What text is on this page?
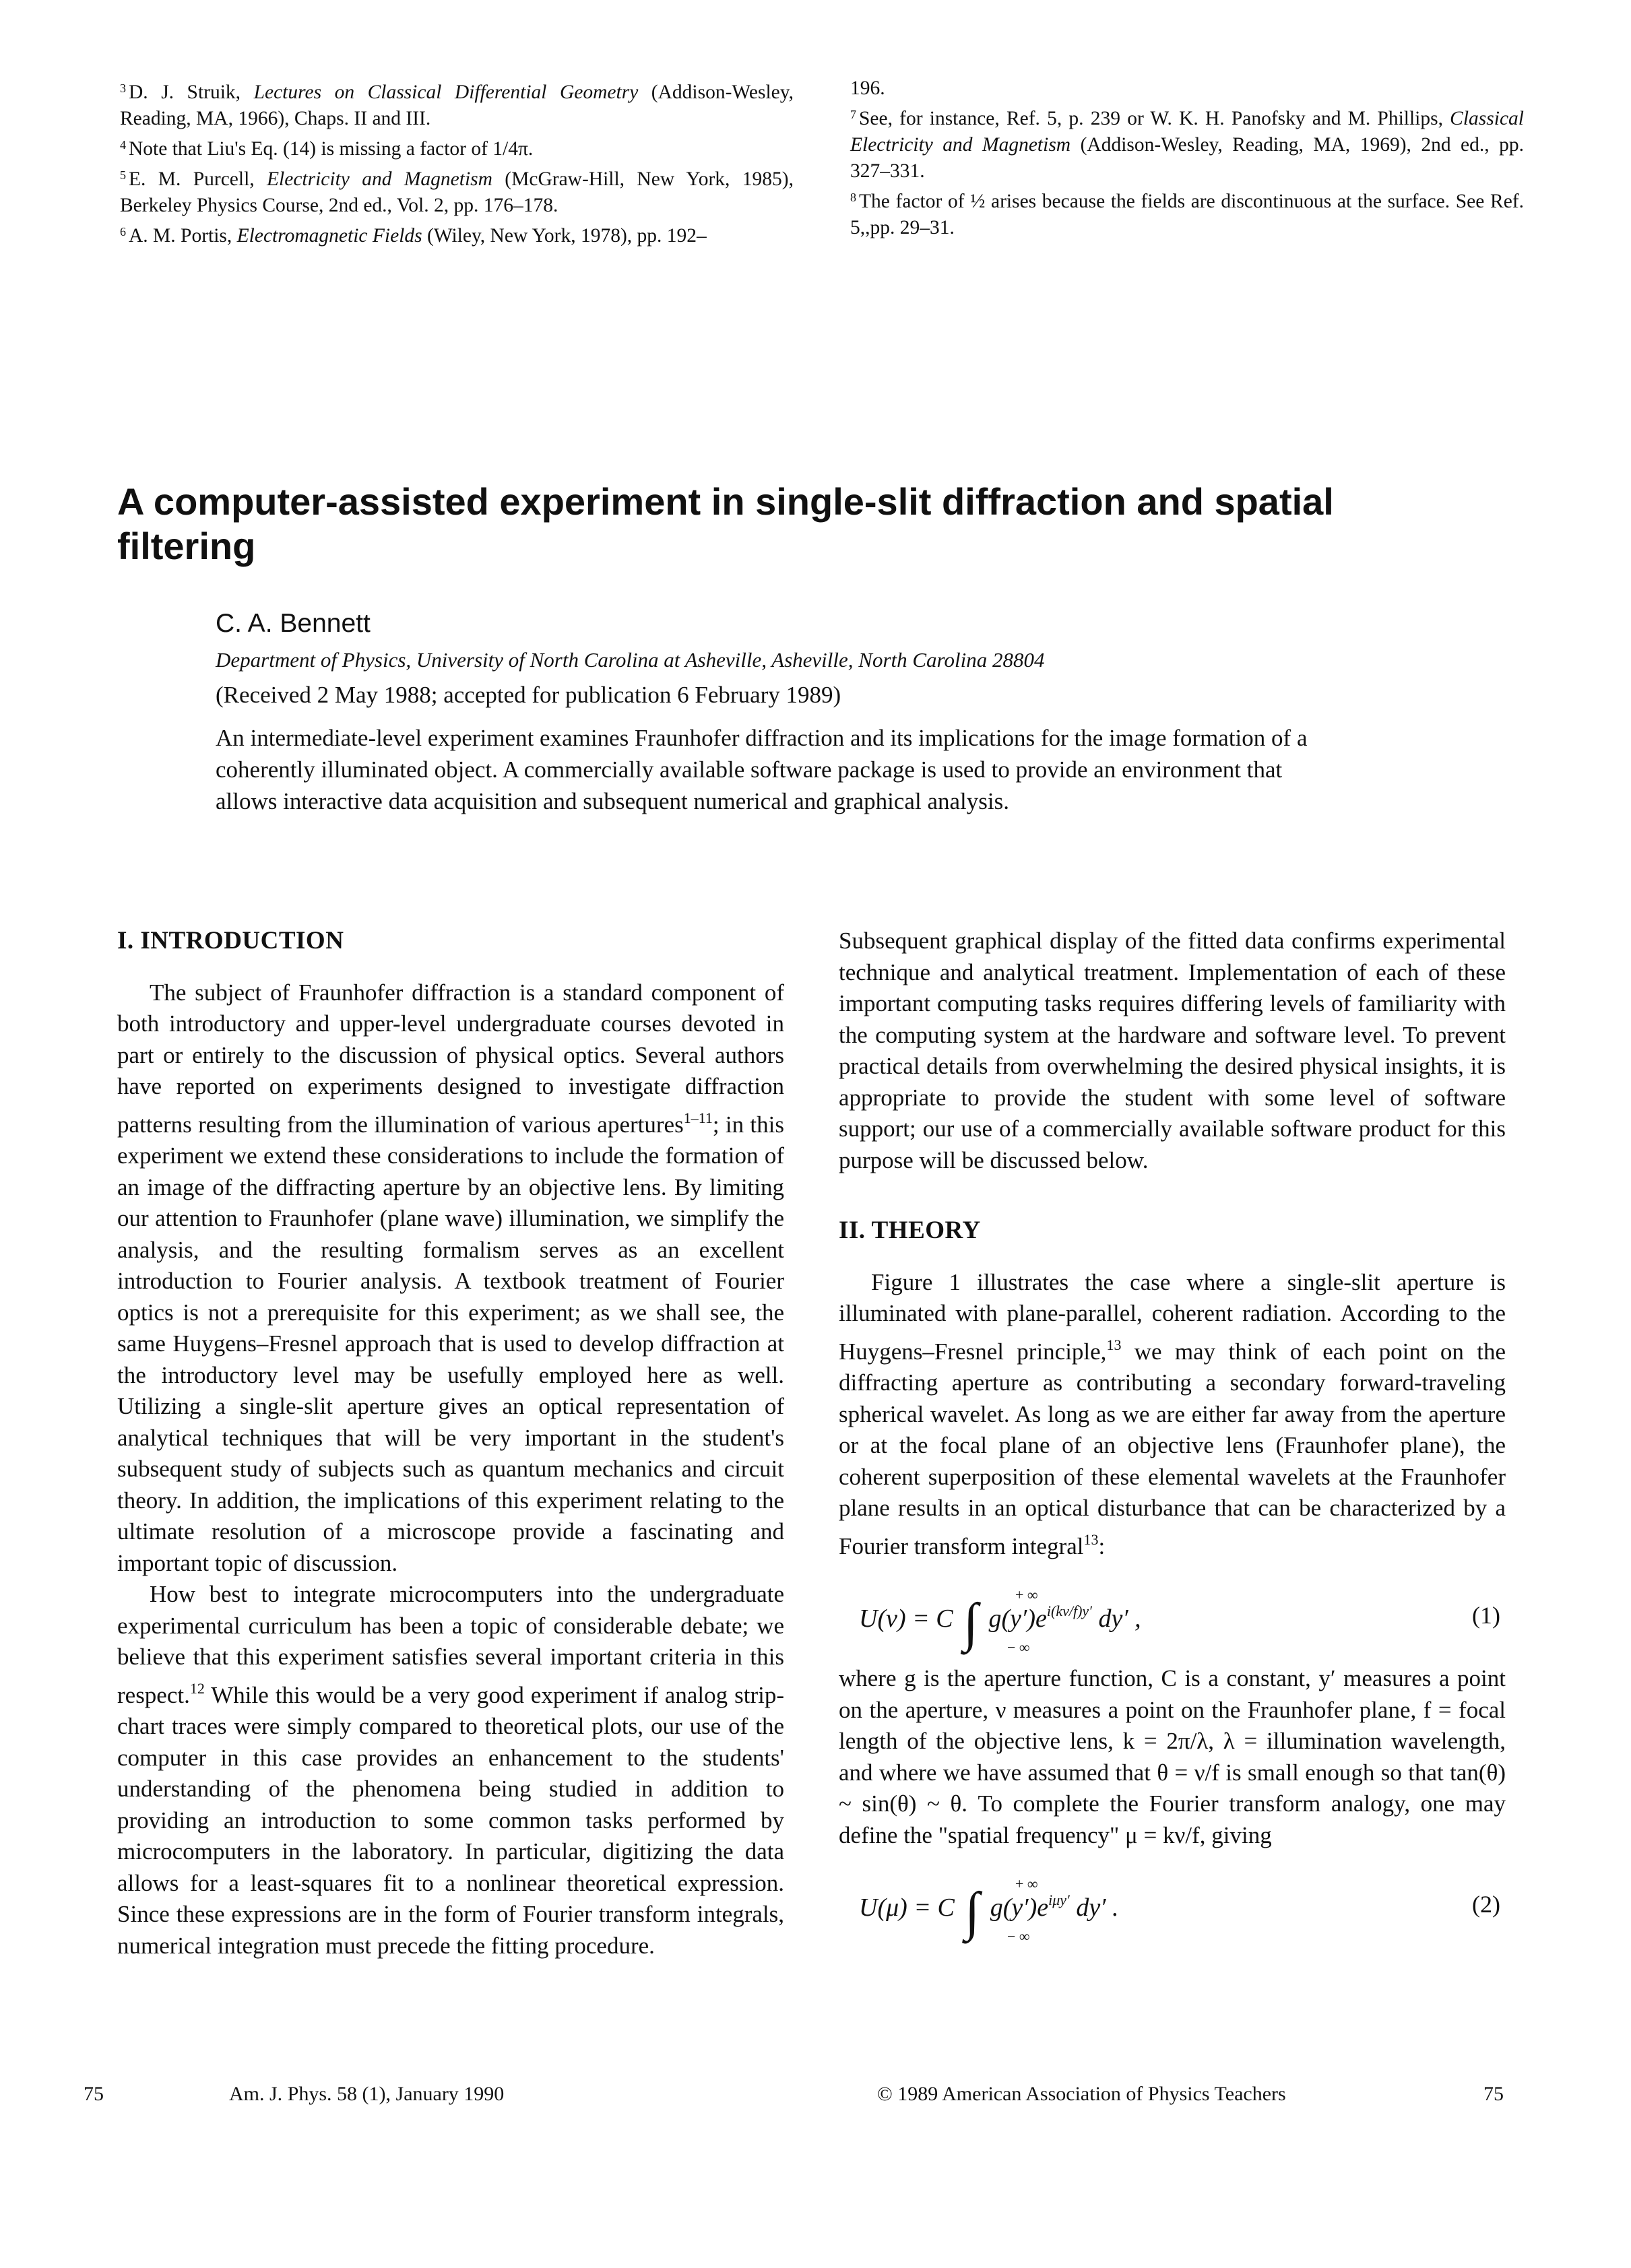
$^3$ D. J. Struik, Lectures on Classical Differential Geometry (Addison-Wesley, Reading, MA, 1966), Chaps. II and III.

$^4$ Note that Liu's Eq. (14) is missing a factor of 1/4π.

$^5$ E. M. Purcell, Electricity and Magnetism (McGraw-Hill, New York, 1985), Berkeley Physics Course, 2nd ed., Vol. 2, pp. 176–178.

$^6$ A. M. Portis, Electromagnetic Fields (Wiley, New York, 1978), pp. 192–

196.

$^7$ See, for instance, Ref. 5, p. 239 or W. K. H. Panofsky and M. Phillips, Classical Electricity and Magnetism (Addison-Wesley, Reading, MA, 1969), 2nd ed., pp. 327–331.

$^8$ The factor of ½ arises because the fields are discontinuous at the surface. See Ref. 5,,pp. 29–31.

A computer-assisted experiment in single-slit diffraction and spatial filtering
C. A. Bennett
Department of Physics, University of North Carolina at Asheville, Asheville, North Carolina 28804
(Received 2 May 1988; accepted for publication 6 February 1989)

An intermediate-level experiment examines Fraunhofer diffraction and its implications for the image formation of a coherently illuminated object. A commercially available software package is used to provide an environment that allows interactive data acquisition and subsequent numerical and graphical analysis.

I. INTRODUCTION

The subject of Fraunhofer diffraction is a standard component of both introductory and upper-level undergraduate courses devoted in part or entirely to the discussion of physical optics. Several authors have reported on experiments designed to investigate diffraction patterns resulting from the illumination of various apertures$^{1-11}$; in this experiment we extend these considerations to include the formation of an image of the diffracting aperture by an objective lens. By limiting our attention to Fraunhofer (plane wave) illumination, we simplify the analysis, and the resulting formalism serves as an excellent introduction to Fourier analysis. A textbook treatment of Fourier optics is not a prerequisite for this experiment; as we shall see, the same Huygens–Fresnel approach that is used to develop diffraction at the introductory level may be usefully employed here as well. Utilizing a single-slit aperture gives an optical representation of analytical techniques that will be very important in the student's subsequent study of subjects such as quantum mechanics and circuit theory. In addition, the implications of this experiment relating to the ultimate resolution of a microscope provide a fascinating and important topic of discussion.

How best to integrate microcomputers into the undergraduate experimental curriculum has been a topic of considerable debate; we believe that this experiment satisfies several important criteria in this respect.$^{12}$ While this would be a very good experiment if analog strip-chart traces were simply compared to theoretical plots, our use of the computer in this case provides an enhancement to the students' understanding of the phenomena being studied in addition to providing an introduction to some common tasks performed by microcomputers in the laboratory. In particular, digitizing the data allows for a least-squares fit to a nonlinear theoretical expression. Since these expressions are in the form of Fourier transform integrals, numerical integration must precede the fitting procedure.

Subsequent graphical display of the fitted data confirms experimental technique and analytical treatment. Implementation of each of these important computing tasks requires differing levels of familiarity with the computing system at the hardware and software level. To prevent practical details from overwhelming the desired physical insights, it is appropriate to provide the student with some level of software support; our use of a commercially available software product for this purpose will be discussed below.

II. THEORY

Figure 1 illustrates the case where a single-slit aperture is illuminated with plane-parallel, coherent radiation. According to the Huygens–Fresnel principle,$^{13}$ we may think of each point on the diffracting aperture as contributing a secondary forward-traveling spherical wavelet. As long as we are either far away from the aperture or at the focal plane of an objective lens (Fraunhofer plane), the coherent superposition of these elemental wavelets at the Fraunhofer plane results in an optical disturbance that can be characterized by a Fourier transform integral$^{13}$:

U(ν) = C ∫ $g(y')e^{i(k\nu/f)y'}$ dy′ ,
+ ∞
− ∞
(1)

where g is the aperture function, C is a constant, y′ measures a point on the aperture, ν measures a point on the Fraunhofer plane, f = focal length of the objective lens, k = 2π/λ, λ = illumination wavelength, and where we have assumed that θ = ν/f is small enough so that tan(θ) ~ sin(θ) ~ θ. To complete the Fourier transform analogy, one may define the "spatial frequency" μ = kν/f, giving

U(μ) = C ∫ $g(y')e^{i\mu y'}$ dy′ .
+ ∞
− ∞
(2)
75	Am. J. Phys. 58 (1), January 1990	© 1989 American Association of Physics Teachers	75
